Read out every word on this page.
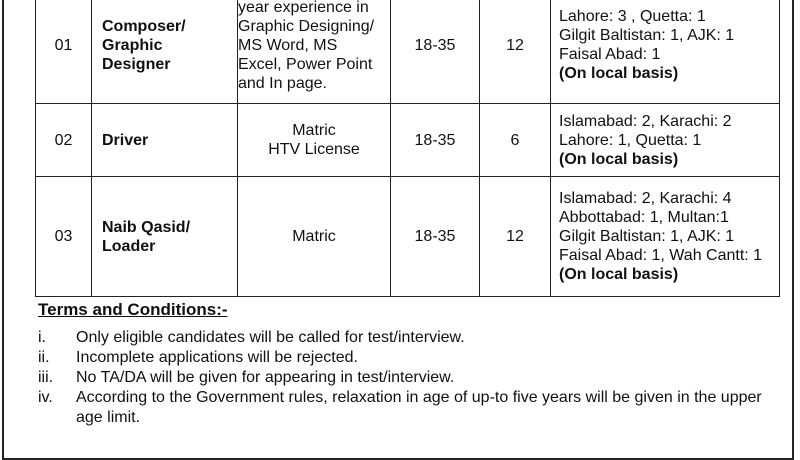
01	Composer/
Graphic
Designer	year experience in
Graphic Designing/
MS Word, MS
Excel, Power Point
and In page.	18-35	12	Lahore: 3 , Quetta: 1
Gilgit Baltistan: 1, AJK: 1
Faisal Abad: 1
(On local basis)

02	Driver	Matric
HTV License	18-35	6	Islamabad: 2, Karachi: 2
Lahore: 1, Quetta: 1
(On local basis)

03	Naib Qasid/
Loader	Matric	18-35	12	Islamabad: 2, Karachi: 4
Abbottabad: 1, Multan:1
Gilgit Baltistan: 1, AJK: 1
Faisal Abad: 1, Wah Cantt: 1
(On local basis)
Terms and Conditions:-
i.	Only eligible candidates will be called for test/interview.
ii.	Incomplete applications will be rejected.
iii.	No TA/DA will be given for appearing in test/interview.
iv.	According to the Government rules, relaxation in age of up-to five years will be given in the upper age limit.
